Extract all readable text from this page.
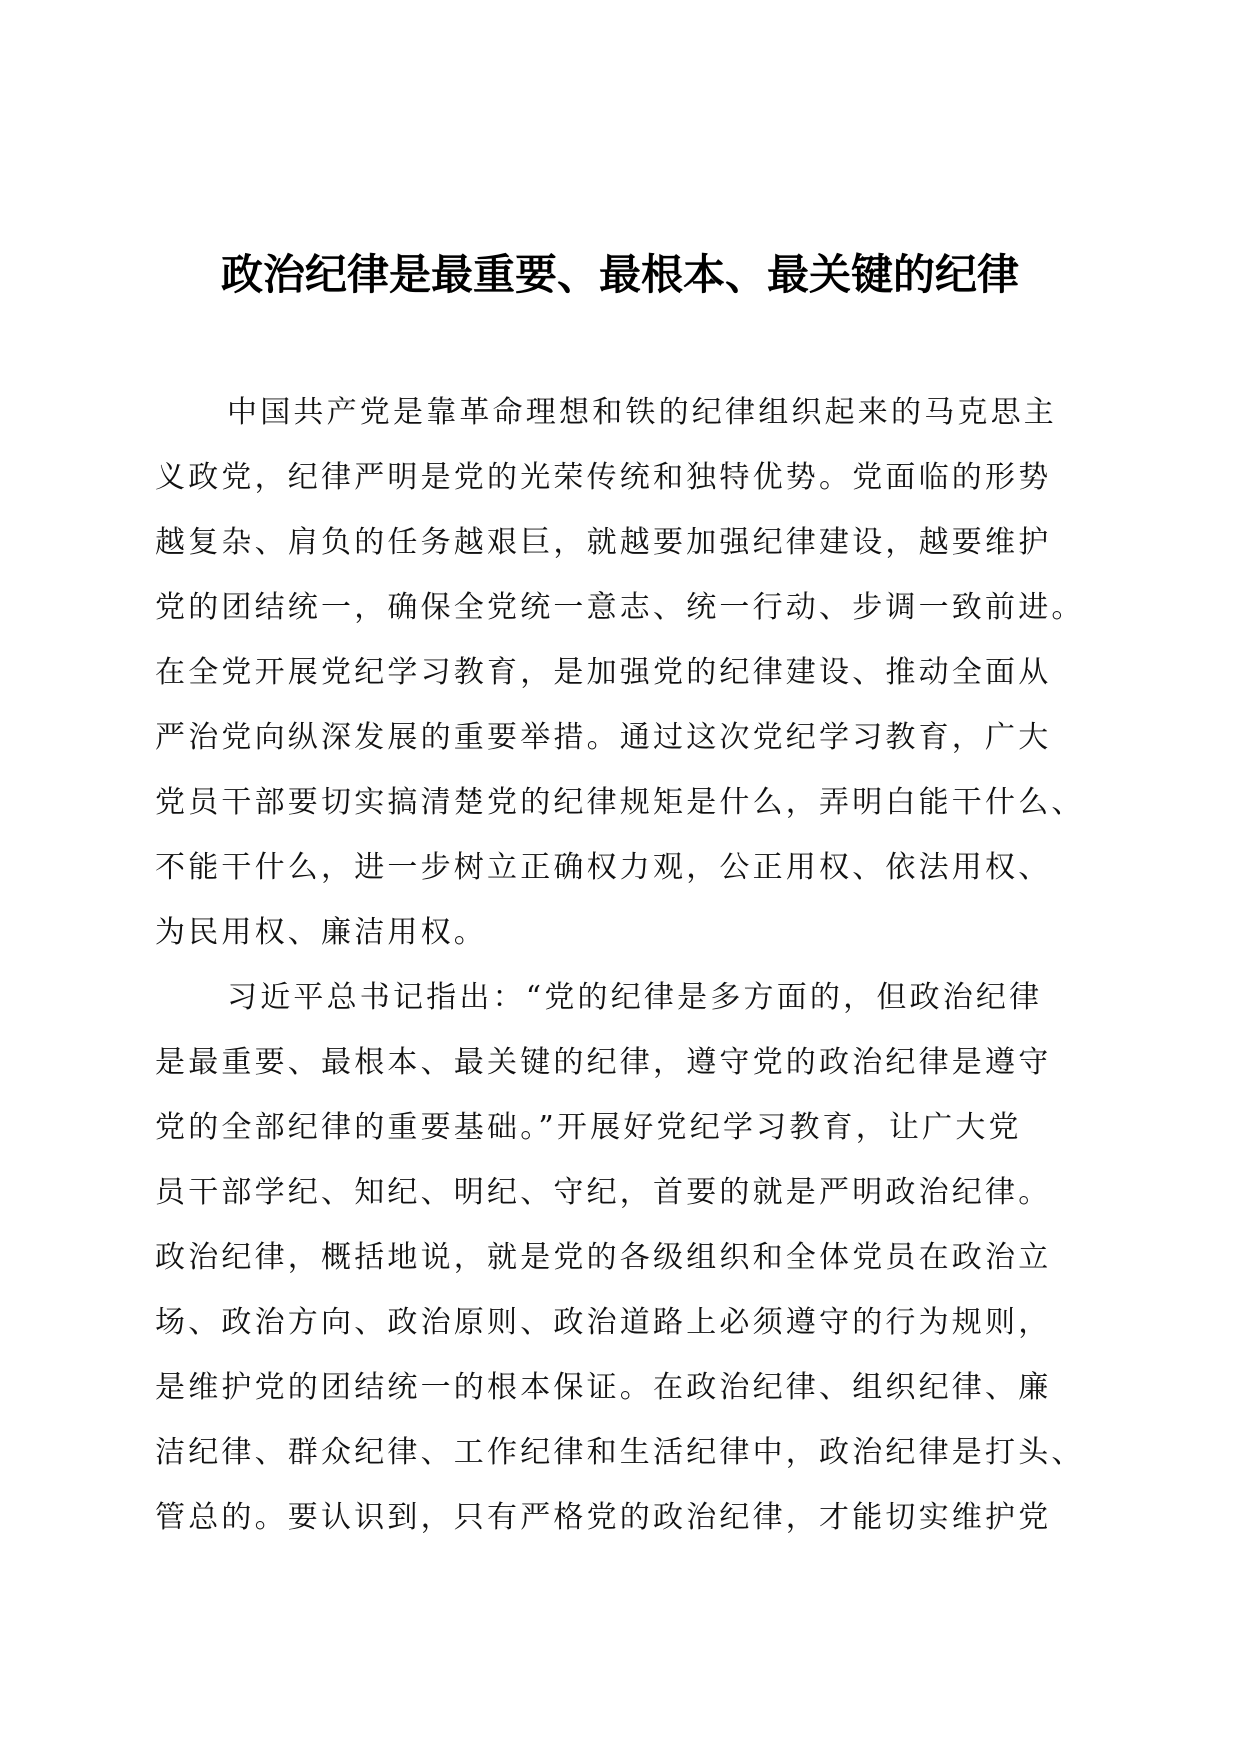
政治纪律是最重要、最根本、最关键的纪律
中国共产党是靠革命理想和铁的纪律组织起来的马克思主
义政党，纪律严明是党的光荣传统和独特优势。党面临的形势
越复杂、肩负的任务越艰巨，就越要加强纪律建设，越要维护
党的团结统一，确保全党统一意志、统一行动、步调一致前进。
在全党开展党纪学习教育，是加强党的纪律建设、推动全面从
严治党向纵深发展的重要举措。通过这次党纪学习教育，广大
党员干部要切实搞清楚党的纪律规矩是什么，弄明白能干什么、
不能干什么，进一步树立正确权力观，公正用权、依法用权、
为民用权、廉洁用权。
习近平总书记指出：“党的纪律是多方面的，但政治纪律
是最重要、最根本、最关键的纪律，遵守党的政治纪律是遵守
党的全部纪律的重要基础。”开展好党纪学习教育，让广大党
员干部学纪、知纪、明纪、守纪，首要的就是严明政治纪律。
政治纪律，概括地说，就是党的各级组织和全体党员在政治立
场、政治方向、政治原则、政治道路上必须遵守的行为规则，
是维护党的团结统一的根本保证。在政治纪律、组织纪律、廉
洁纪律、群众纪律、工作纪律和生活纪律中，政治纪律是打头、
管总的。要认识到，只有严格党的政治纪律，才能切实维护党
